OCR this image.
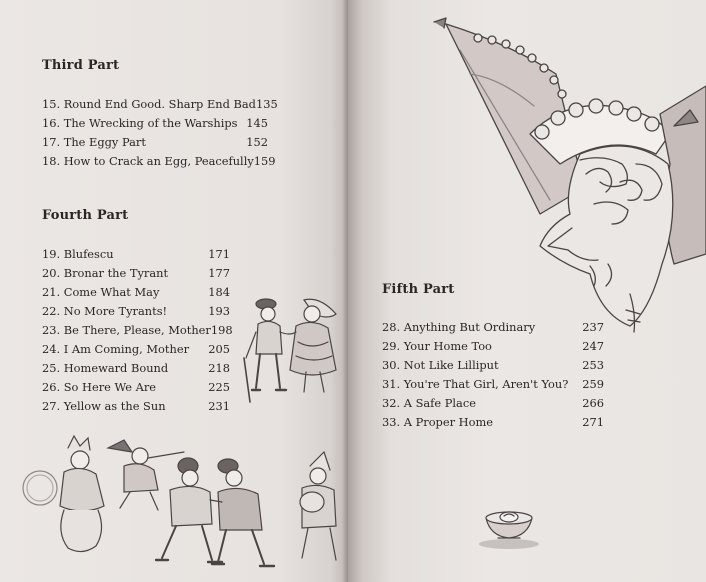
Third Part
15. Round End Good. Sharp End Bad 135
16. The Wrecking of the Warships 145
17. The Eggy Part	152
18. How to Crack an Egg, Peacefully 159
Fourth Part
19. Blufescu	171
20. Bronar the Tyrant	177
21. Come What May	184
22. No More Tyrants!	193
23. Be There, Please, Mother 198
24. I Am Coming, Mother 205
25. Homeward Bound	218
26. So Here We Are	225
27. Yellow as the Sun	231
Fifth Part
28. Anything But Ordinary	237
29. Your Home Too	247
30. Not Like Lilliput	253
31. You're That Girl, Aren't You? 259
32. A Safe Place	266
33. A Proper Home	271
